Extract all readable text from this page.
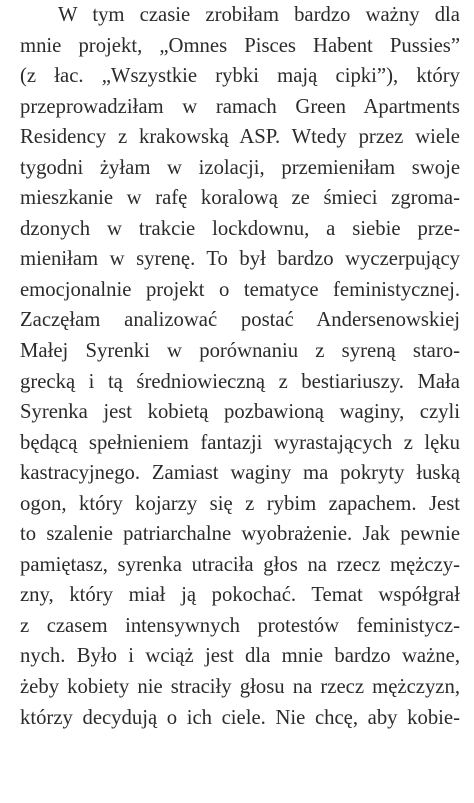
W tym czasie zrobiłam bardzo ważny dla
mnie projekt, „Omnes Pisces Habent Pussies”
(z łac. „Wszystkie rybki mają cipki”), który
przeprowadziłam w ramach Green Apartments
Residency z krakowską ASP. Wtedy przez wiele
tygodni żyłam w izolacji, przemieniłam swoje
mieszkanie w rafę koralową ze śmieci zgroma-
dzonych w trakcie lockdownu, a siebie prze-
mieniłam w syrenę. To był bardzo wyczerpujący
emocjonalnie projekt o tematyce feministycznej.
Zaczęłam analizować postać Andersenowskiej
Małej Syrenki w porównaniu z syreną staro-
grecką i tą średniowieczną z bestiariuszy. Mała
Syrenka jest kobietą pozbawioną waginy, czyli
będącą spełnieniem fantazji wyrastających z lęku
kastracyjnego. Zamiast waginy ma pokryty łuską
ogon, który kojarzy się z rybim zapachem. Jest
to szalenie patriarchalne wyobrażenie. Jak pewnie
pamiętasz, syrenka utraciła głos na rzecz mężczy-
zny, który miał ją pokochać. Temat współgrał
z czasem intensywnych protestów feministycz-
nych. Było i wciąż jest dla mnie bardzo ważne,
żeby kobiety nie straciły głosu na rzecz mężczyzn,
którzy decydują o ich ciele. Nie chcę, aby kobie-
